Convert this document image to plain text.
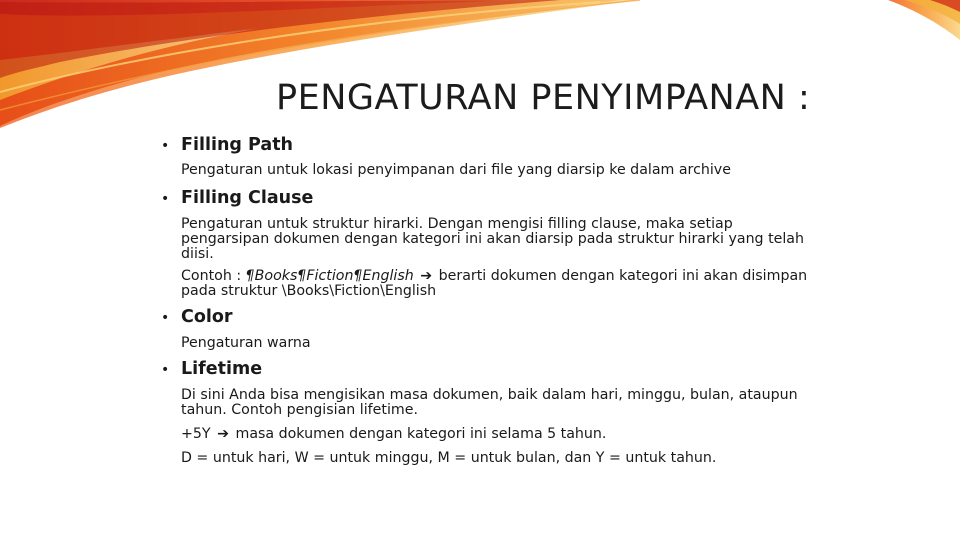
PENGATURAN PENYIMPANAN :
• Filling Path

Pengaturan untuk lokasi penyimpanan dari file yang diarsip ke dalam archive

• Filling Clause

Pengaturan untuk struktur hirarki. Dengan mengisi filling clause, maka setiap pengarsipan dokumen dengan kategori ini akan diarsip pada struktur hirarki yang telah diisi.

Contoh : ¶Books¶Fiction¶English ➔ berarti dokumen dengan kategori ini akan disimpan pada struktur \Books\Fiction\English

• Color

Pengaturan warna

• Lifetime

Di sini Anda bisa mengisikan masa dokumen, baik dalam hari, minggu, bulan, ataupun tahun. Contoh pengisian lifetime.

+5Y ➔ masa dokumen dengan kategori ini selama 5 tahun.

D = untuk hari, W = untuk minggu, M = untuk bulan, dan Y = untuk tahun.
